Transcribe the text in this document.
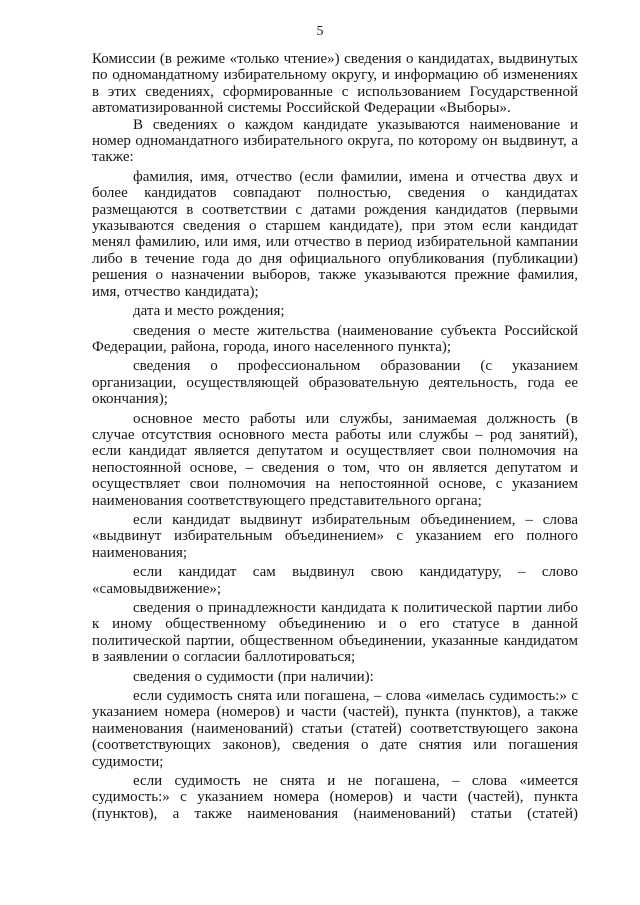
5

Комиссии (в режиме «только чтение») сведения о кандидатах, выдвинутых по одномандатному избирательному округу, и информацию об изменениях в этих сведениях, сформированные с использованием Государственной автоматизированной системы Российской Федерации «Выборы».

В сведениях о каждом кандидате указываются наименование и номер одномандатного избирательного округа, по которому он выдвинут, а также:

фамилия, имя, отчество (если фамилии, имена и отчества двух и более кандидатов совпадают полностью, сведения о кандидатах размещаются в соответствии с датами рождения кандидатов (первыми указываются сведения о старшем кандидате), при этом если кандидат менял фамилию, или имя, или отчество в период избирательной кампании либо в течение года до дня официального опубликования (публикации) решения о назначении выборов, также указываются прежние фамилия, имя, отчество кандидата);

дата и место рождения;

сведения о месте жительства (наименование субъекта Российской Федерации, района, города, иного населенного пункта);

сведения о профессиональном образовании (с указанием организации, осуществляющей образовательную деятельность, года ее окончания);

основное место работы или службы, занимаемая должность (в случае отсутствия основного места работы или службы – род занятий), если кандидат является депутатом и осуществляет свои полномочия на непостоянной основе, – сведения о том, что он является депутатом и осуществляет свои полномочия на непостоянной основе, с указанием наименования соответствующего представительного органа;

если кандидат выдвинут избирательным объединением, – слова «выдвинут избирательным объединением» с указанием его полного наименования;

если кандидат сам выдвинул свою кандидатуру, – слово «самовыдвижение»;

сведения о принадлежности кандидата к политической партии либо к иному общественному объединению и о его статусе в данной политической партии, общественном объединении, указанные кандидатом в заявлении о согласии баллотироваться;

сведения о судимости (при наличии):

если судимость снята или погашена, – слова «имелась судимость:» с указанием номера (номеров) и части (частей), пункта (пунктов), а также наименования (наименований) статьи (статей) соответствующего закона (соответствующих законов), сведения о дате снятия или погашения судимости;

если судимость не снята и не погашена, – слова «имеется судимость:» с указанием номера (номеров) и части (частей), пункта (пунктов), а также наименования (наименований) статьи (статей)
